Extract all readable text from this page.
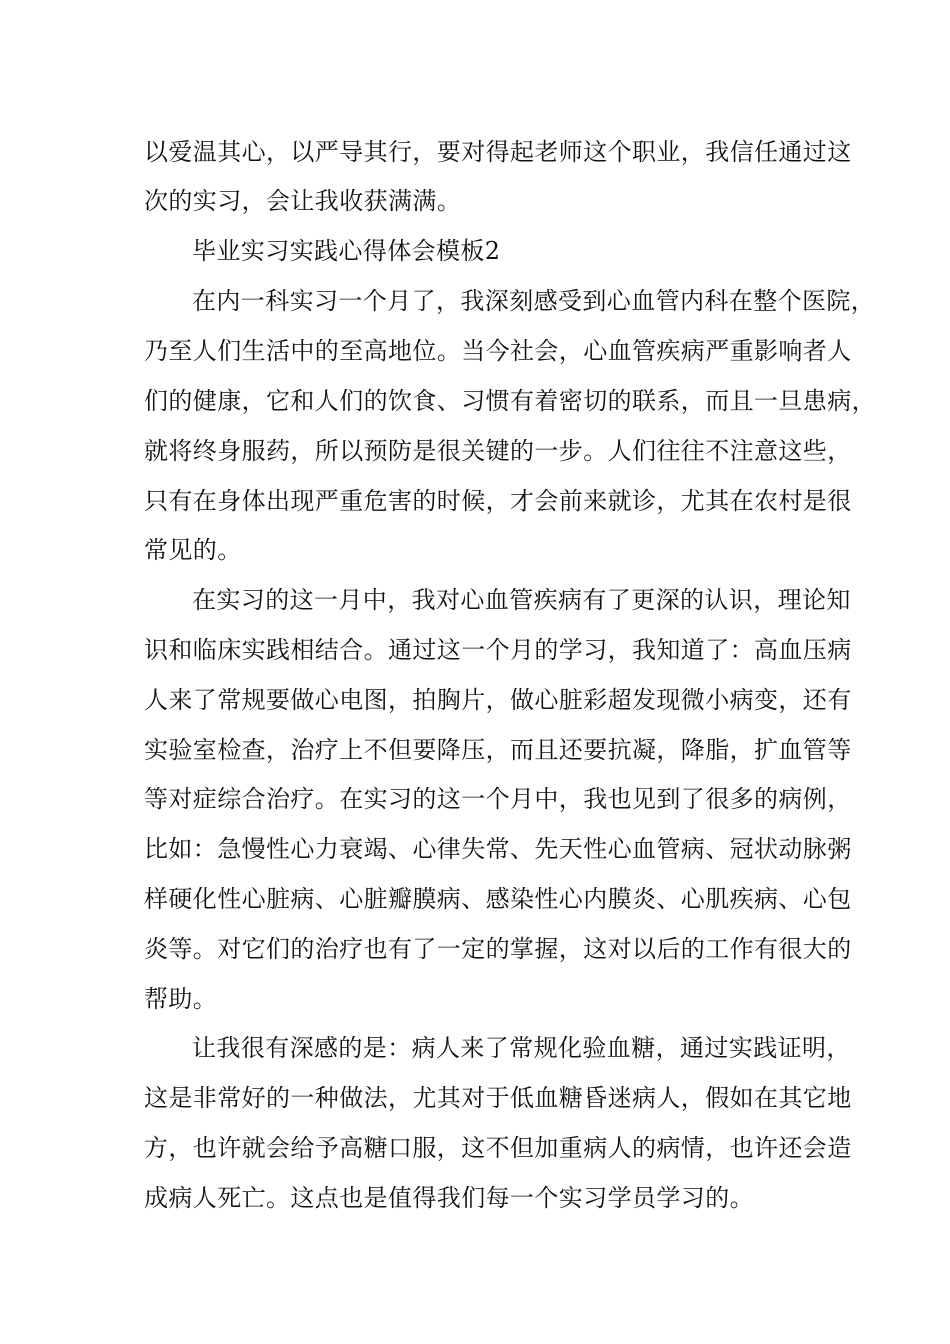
以爱温其心，以严导其行，要对得起老师这个职业，我信任通过这

次的实习，会让我收获满满。

毕业实习实践心得体会模板2

在内一科实习一个月了，我深刻感受到心血管内科在整个医院，

乃至人们生活中的至高地位。当今社会，心血管疾病严重影响者人

们的健康，它和人们的饮食、习惯有着密切的联系，而且一旦患病，

就将终身服药，所以预防是很关键的一步。人们往往不注意这些，

只有在身体出现严重危害的时候，才会前来就诊，尤其在农村是很

常见的。

在实习的这一月中，我对心血管疾病有了更深的认识，理论知

识和临床实践相结合。通过这一个月的学习，我知道了：高血压病

人来了常规要做心电图，拍胸片，做心脏彩超发现微小病变，还有

实验室检查，治疗上不但要降压，而且还要抗凝，降脂，扩血管等

等对症综合治疗。在实习的这一个月中，我也见到了很多的病例，

比如：急慢性心力衰竭、心律失常、先天性心血管病、冠状动脉粥

样硬化性心脏病、心脏瓣膜病、感染性心内膜炎、心肌疾病、心包

炎等。对它们的治疗也有了一定的掌握，这对以后的工作有很大的

帮助。

让我很有深感的是：病人来了常规化验血糖，通过实践证明，

这是非常好的一种做法，尤其对于低血糖昏迷病人，假如在其它地

方，也许就会给予高糖口服，这不但加重病人的病情，也许还会造

成病人死亡。这点也是值得我们每一个实习学员学习的。
